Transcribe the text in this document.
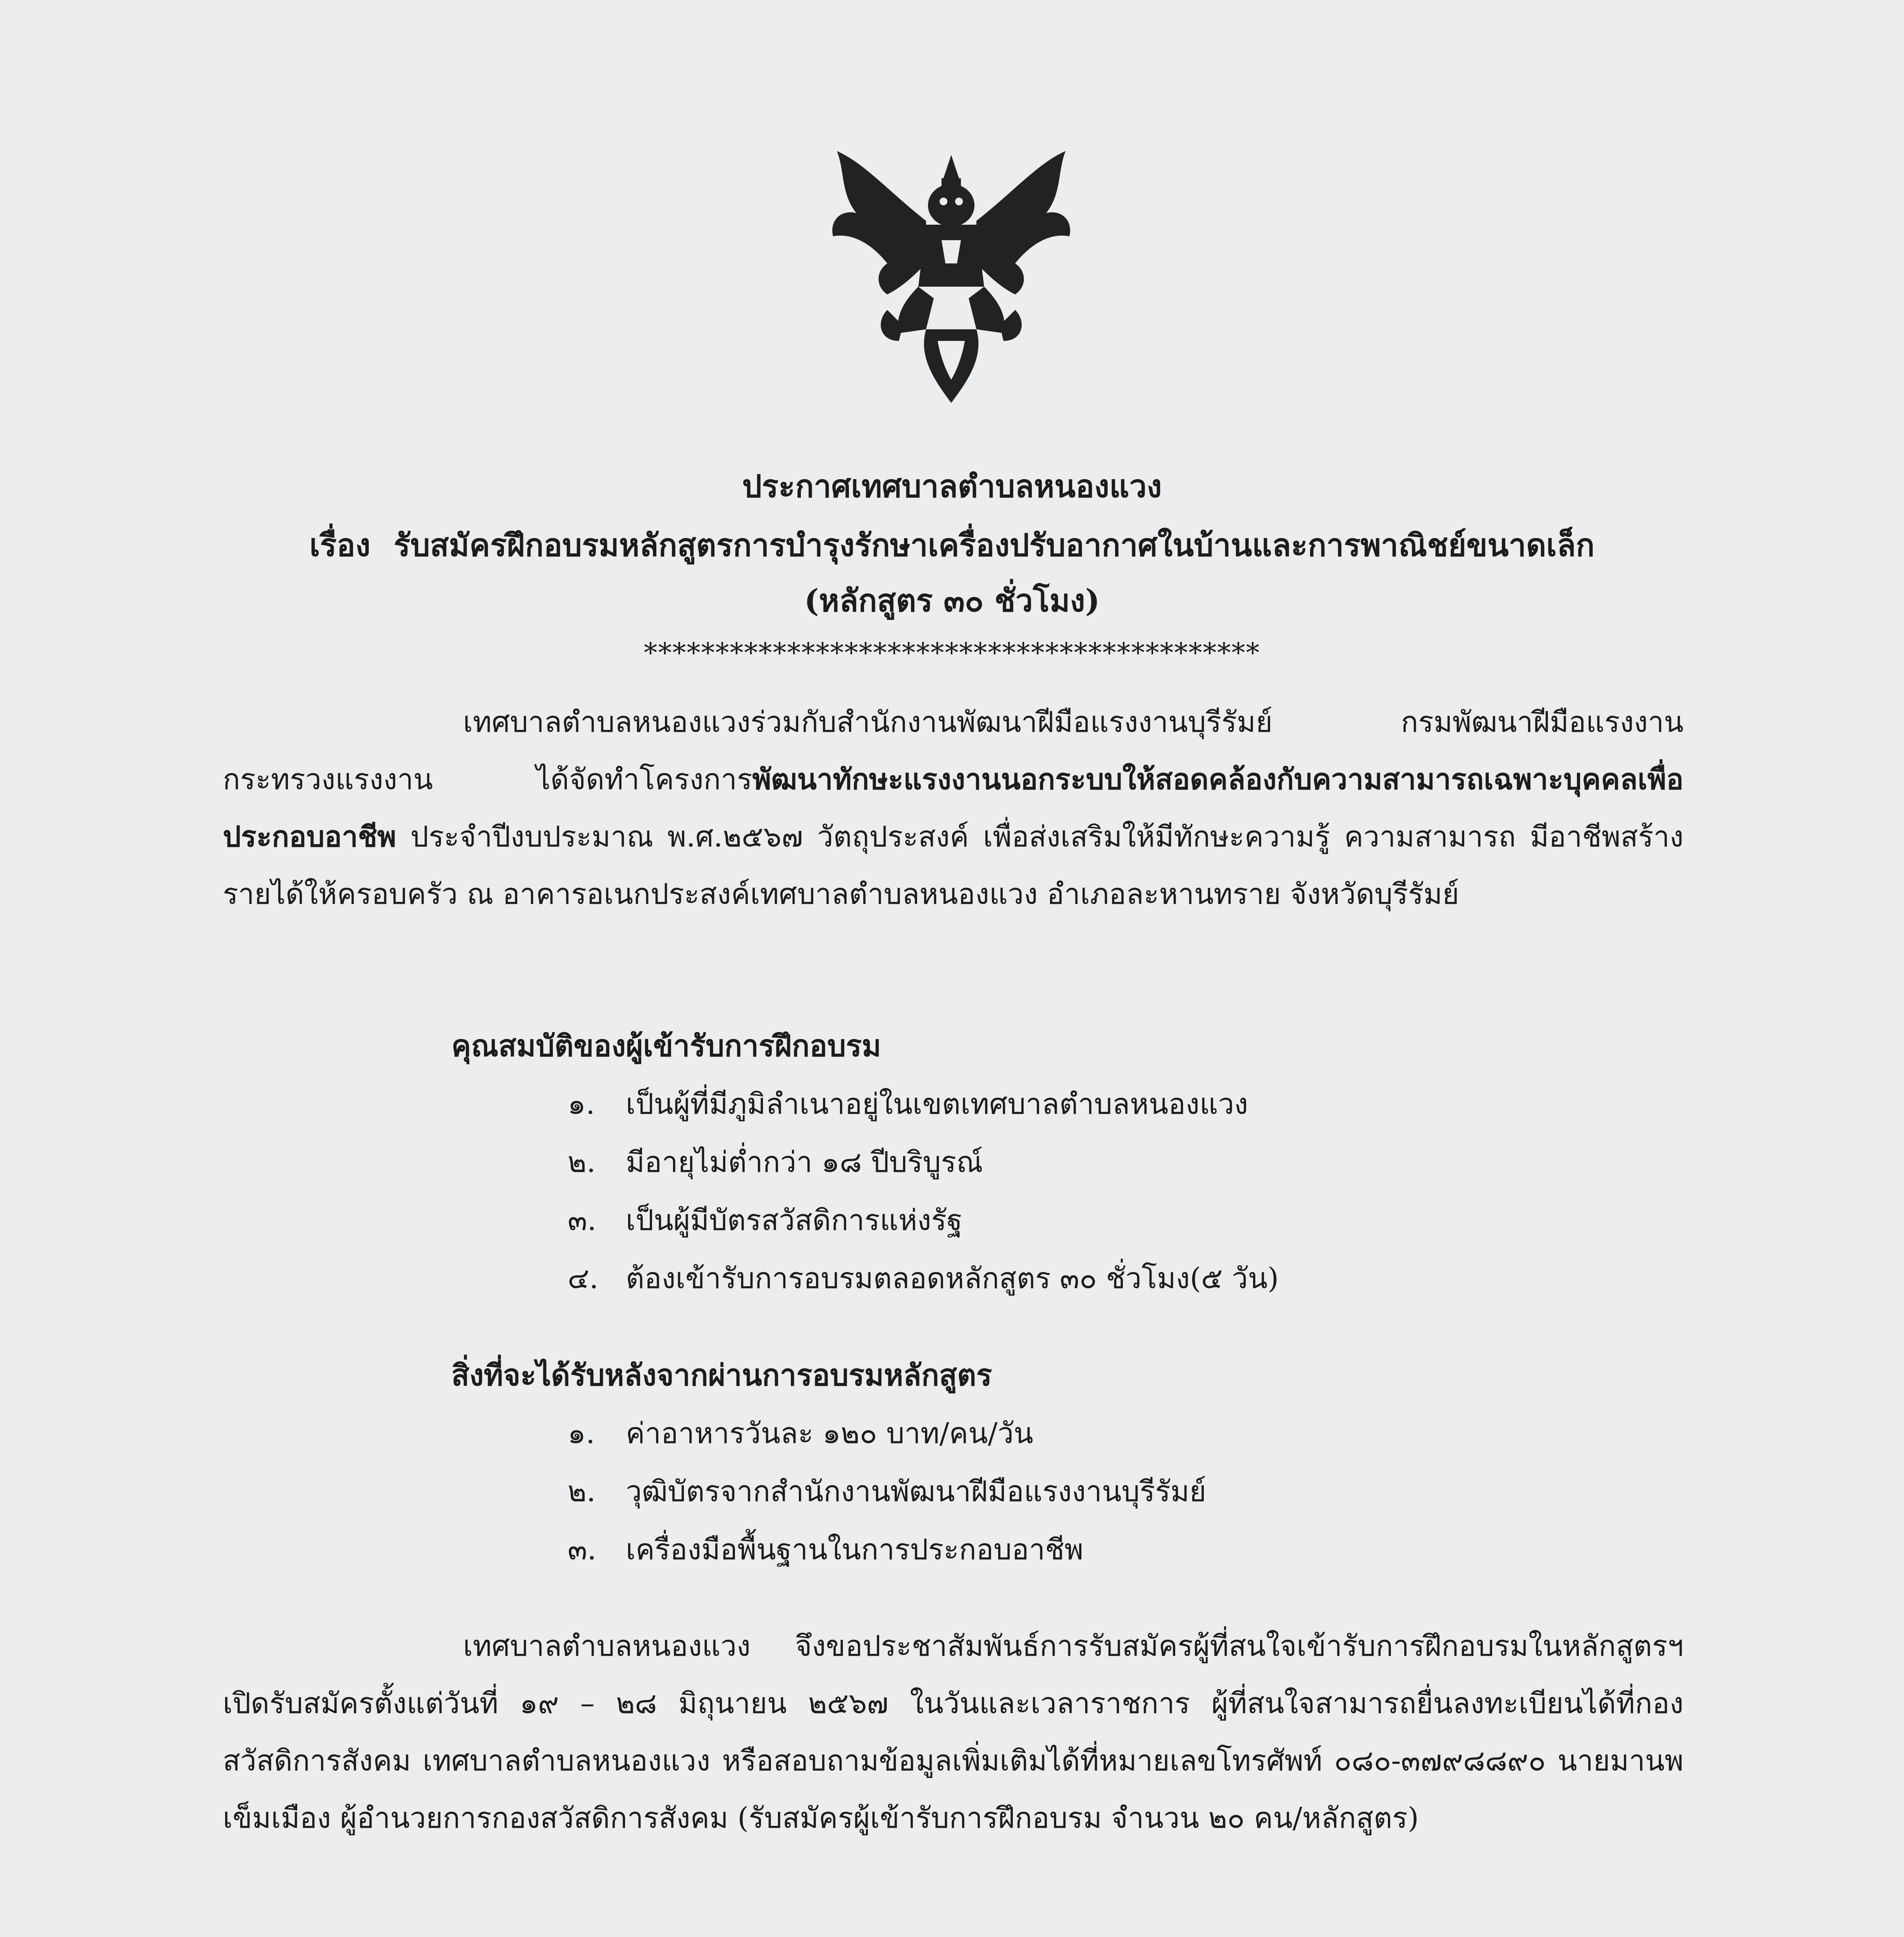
ประกาศเทศบาลตำบลหนองแวง
เรื่อง รับสมัครฝึกอบรมหลักสูตรการบำรุงรักษาเครื่องปรับอากาศในบ้านและการพาณิชย์ขนาดเล็ก
(หลักสูตร ๓๐ ชั่วโมง)
*******************************************
เทศบาลตำบลหนองแวงร่วมกับสำนักงานพัฒนาฝีมือแรงงานบุรีรัมย์ กรมพัฒนาฝีมือแรงงาน กระทรวงแรงงาน ได้จัดทำโครงการพัฒนาทักษะแรงงานนอกระบบให้สอดคล้องกับความสามารถเฉพาะบุคคลเพื่อประกอบอาชีพ ประจำปีงบประมาณ พ.ศ.๒๕๖๗ วัตถุประสงค์ เพื่อส่งเสริมให้มีทักษะความรู้ ความสามารถ มีอาชีพสร้างรายได้ให้ครอบครัว ณ อาคารอเนกประสงค์เทศบาลตำบลหนองแวง อำเภอละหานทราย จังหวัดบุรีรัมย์
คุณสมบัติของผู้เข้ารับการฝึกอบรม
๑. เป็นผู้ที่มีภูมิลำเนาอยู่ในเขตเทศบาลตำบลหนองแวง
๒. มีอายุไม่ต่ำกว่า ๑๘ ปีบริบูรณ์
๓. เป็นผู้มีบัตรสวัสดิการแห่งรัฐ
๔. ต้องเข้ารับการอบรมตลอดหลักสูตร ๓๐ ชั่วโมง(๕ วัน)
สิ่งที่จะได้รับหลังจากผ่านการอบรมหลักสูตร
๑. ค่าอาหารวันละ ๑๒๐ บาท/คน/วัน
๒. วุฒิบัตรจากสำนักงานพัฒนาฝีมือแรงงานบุรีรัมย์
๓. เครื่องมือพื้นฐานในการประกอบอาชีพ
เทศบาลตำบลหนองแวง จึงขอประชาสัมพันธ์การรับสมัครผู้ที่สนใจเข้ารับการฝึกอบรมในหลักสูตรฯ เปิดรับสมัครตั้งแต่วันที่ ๑๙ – ๒๘ มิถุนายน ๒๕๖๗ ในวันและเวลาราชการ ผู้ที่สนใจสามารถยื่นลงทะเบียนได้ที่กองสวัสดิการสังคม เทศบาลตำบลหนองแวง หรือสอบถามข้อมูลเพิ่มเติมได้ที่หมายเลขโทรศัพท์ ๐๘๐-๓๗๙๘๘๙๐ นายมานพ เข็มเมือง ผู้อำนวยการกองสวัสดิการสังคม (รับสมัครผู้เข้ารับการฝึกอบรม จำนวน ๒๐ คน/หลักสูตร)
